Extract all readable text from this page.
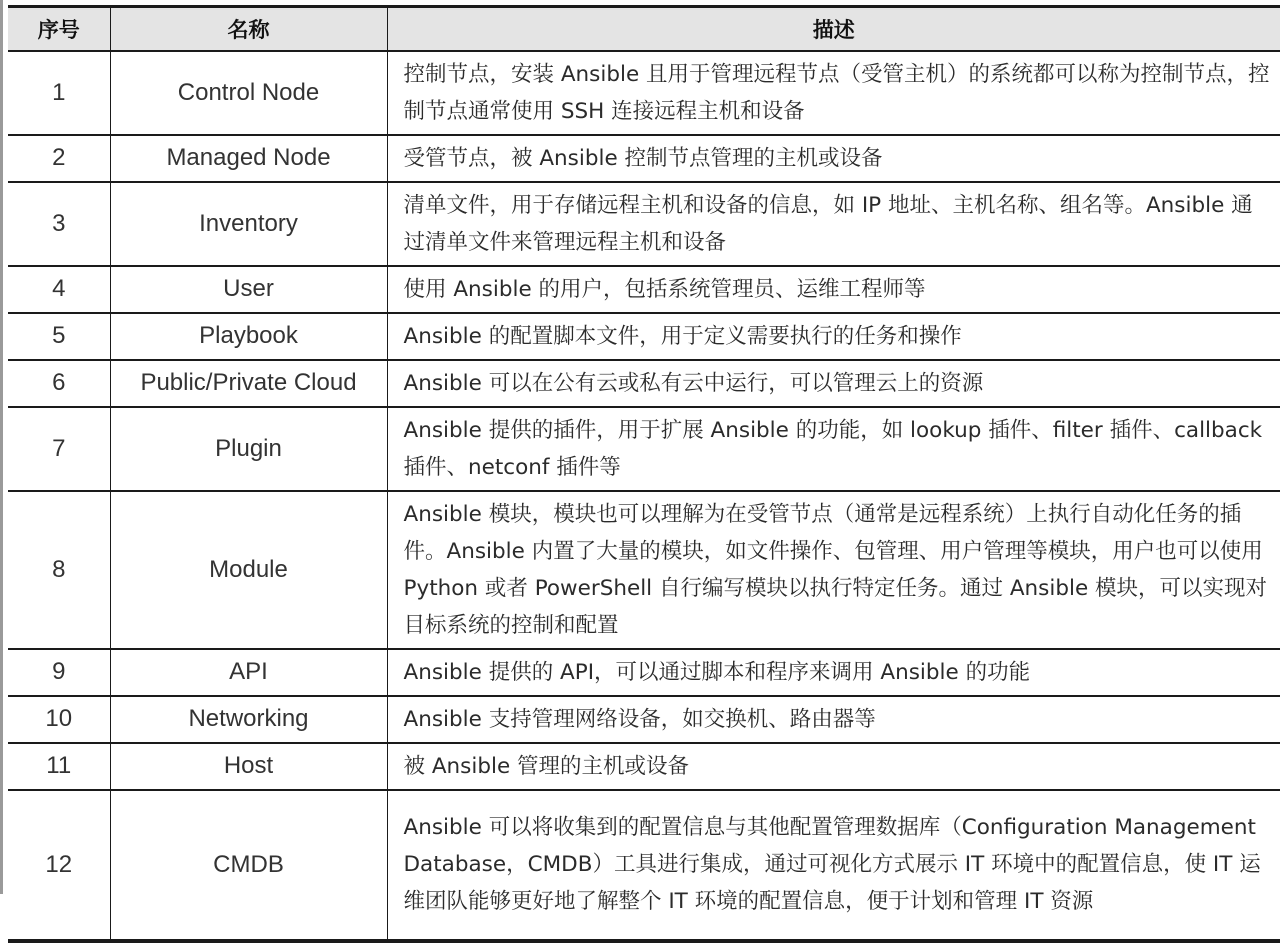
序号	名称	描述
1	Control Node	控制节点，安装 Ansible 且用于管理远程节点（受管主机）的系统都可以称为控制节点，控制节点通常使用 SSH 连接远程主机和设备
2	Managed Node	受管节点，被 Ansible 控制节点管理的主机或设备
3	Inventory	清单文件，用于存储远程主机和设备的信息，如 IP 地址、主机名称、组名等。Ansible 通过清单文件来管理远程主机和设备
4	User	使用 Ansible 的用户，包括系统管理员、运维工程师等
5	Playbook	Ansible 的配置脚本文件，用于定义需要执行的任务和操作
6	Public/Private Cloud	Ansible 可以在公有云或私有云中运行，可以管理云上的资源
7	Plugin	Ansible 提供的插件，用于扩展 Ansible 的功能，如 lookup 插件、filter 插件、callback 插件、netconf 插件等
8	Module	Ansible 模块，模块也可以理解为在受管节点（通常是远程系统）上执行自动化任务的插件。Ansible 内置了大量的模块，如文件操作、包管理、用户管理等模块，用户也可以使用 Python 或者 PowerShell 自行编写模块以执行特定任务。通过 Ansible 模块，可以实现对目标系统的控制和配置
9	API	Ansible 提供的 API，可以通过脚本和程序来调用 Ansible 的功能
10	Networking	Ansible 支持管理网络设备，如交换机、路由器等
11	Host	被 Ansible 管理的主机或设备
12	CMDB	Ansible 可以将收集到的配置信息与其他配置管理数据库（Configuration Management Database，CMDB）工具进行集成，通过可视化方式展示 IT 环境中的配置信息，使 IT 运维团队能够更好地了解整个 IT 环境的配置信息，便于计划和管理 IT 资源
